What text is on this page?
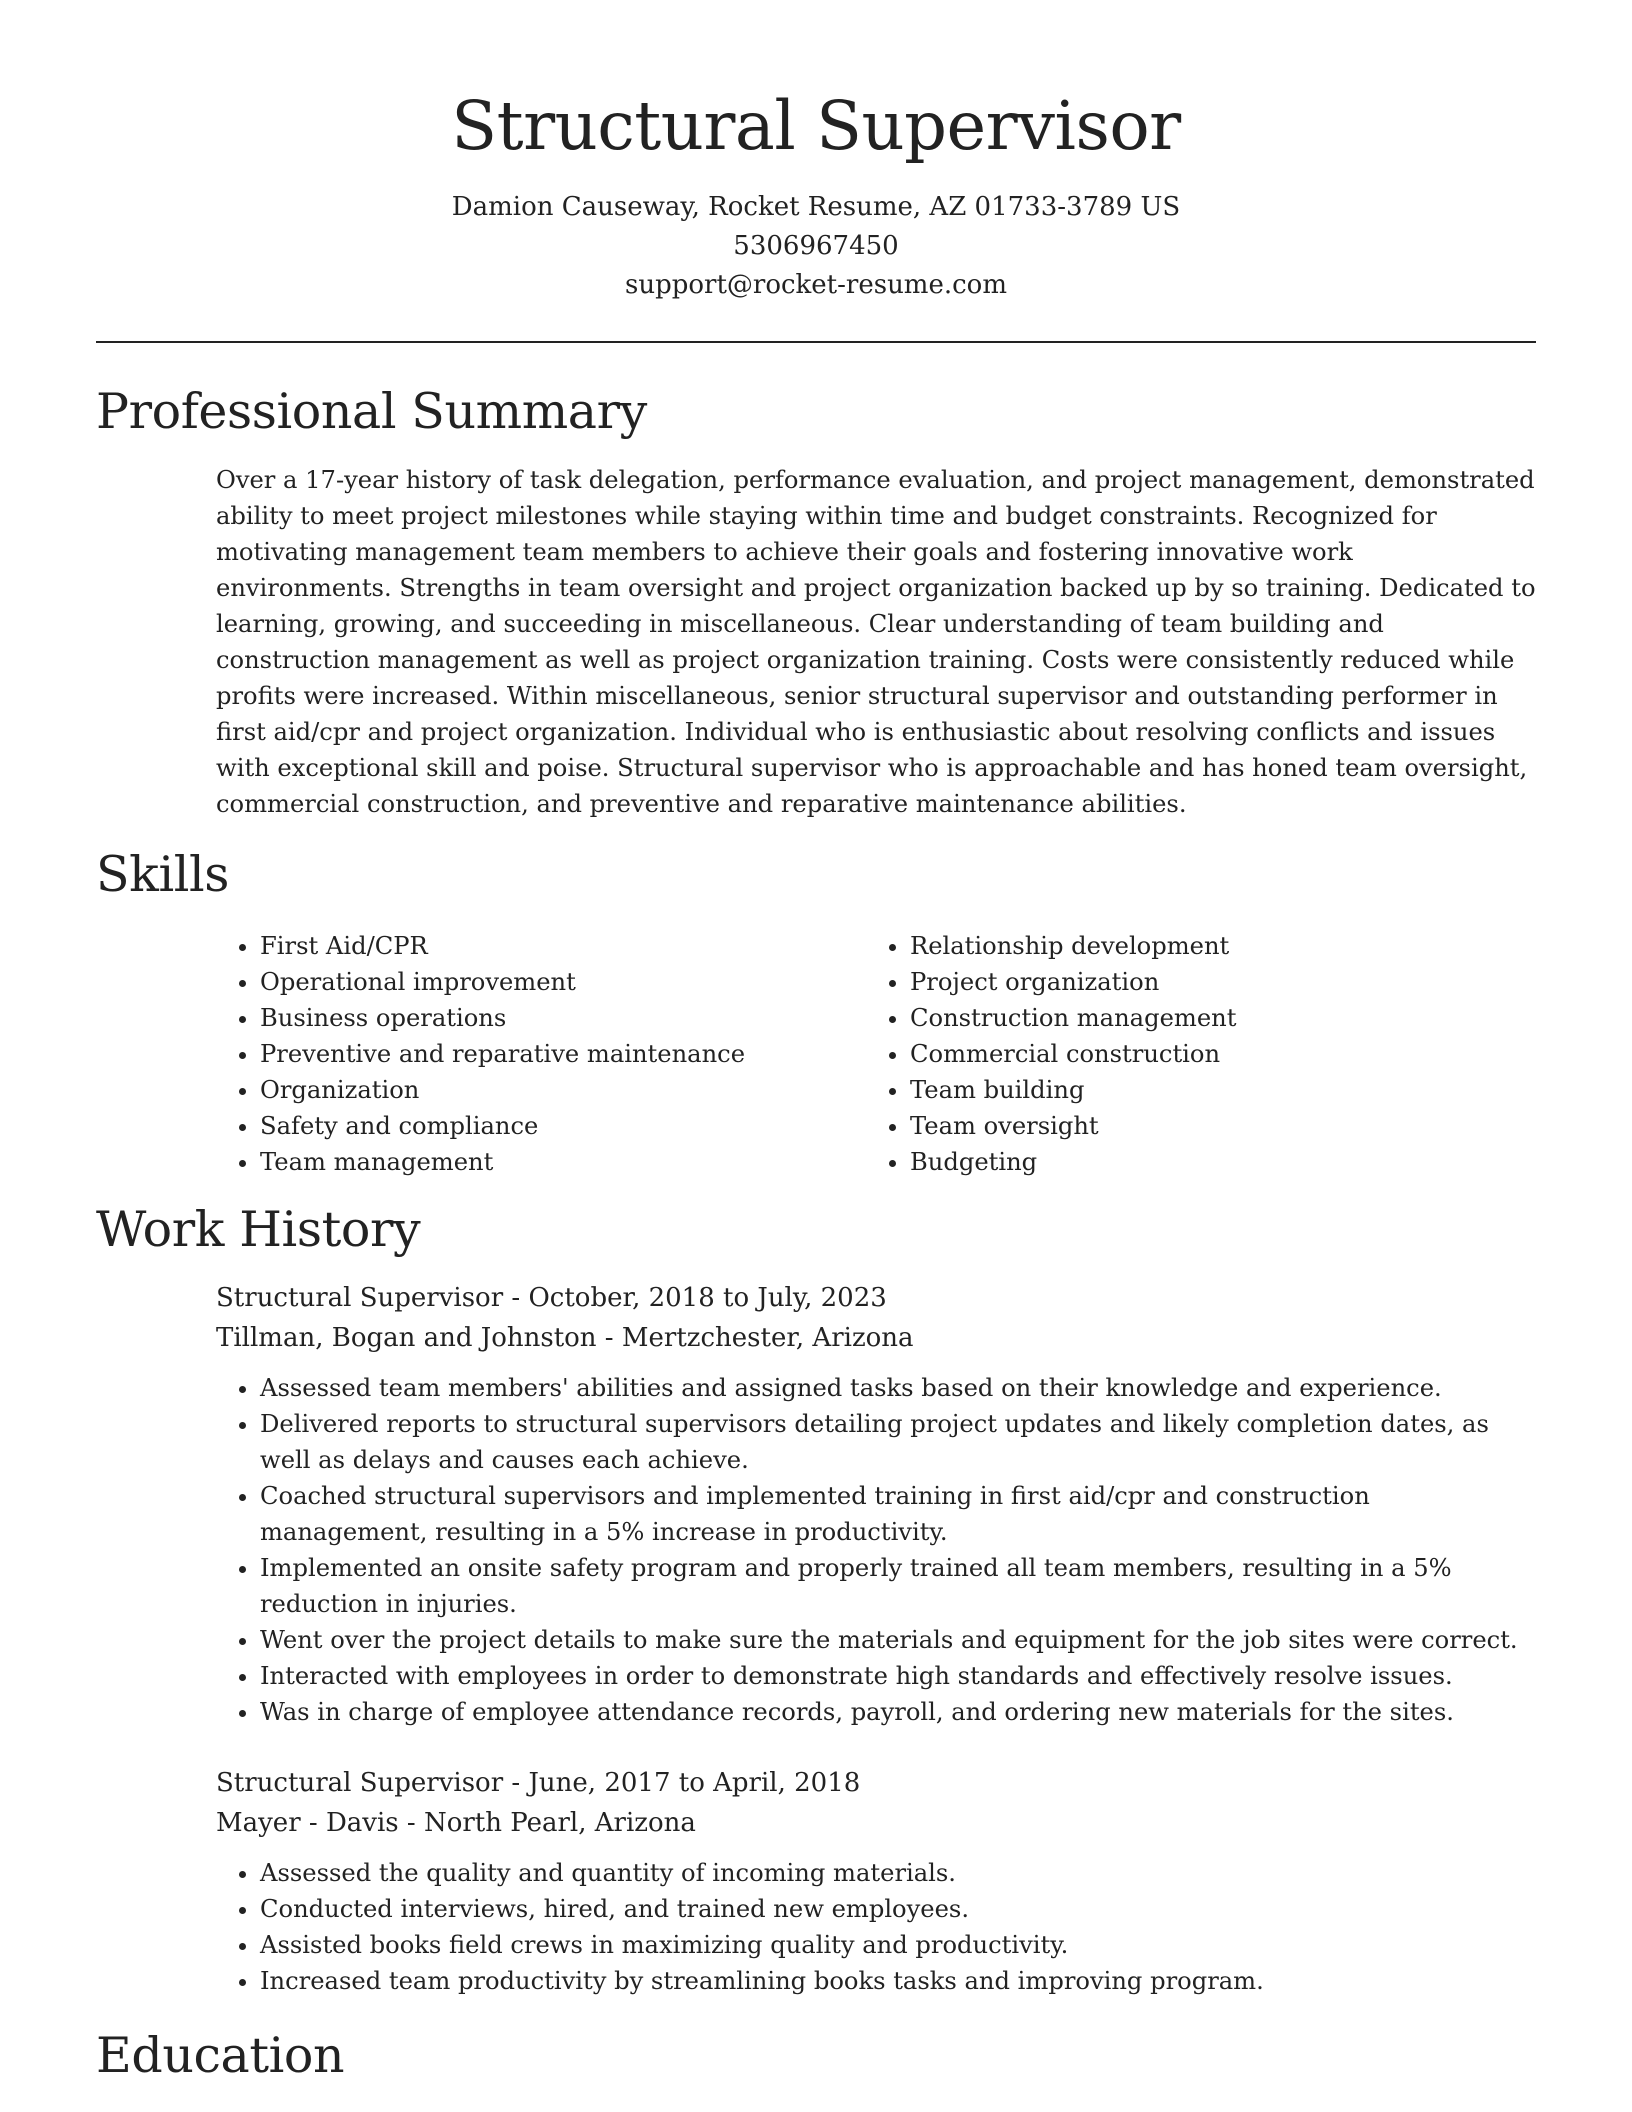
Structural Supervisor

Damion Causeway, Rocket Resume, AZ 01733-3789 US

5306967450

support@rocket-resume.com

Professional Summary

Over a 17-year history of task delegation, performance evaluation, and project management, demonstrated ability to meet project milestones while staying within time and budget constraints. Recognized for motivating management team members to achieve their goals and fostering innovative work environments. Strengths in team oversight and project organization backed up by so training. Dedicated to learning, growing, and succeeding in miscellaneous. Clear understanding of team building and construction management as well as project organization training. Costs were consistently reduced while profits were increased. Within miscellaneous, senior structural supervisor and outstanding performer in first aid/cpr and project organization. Individual who is enthusiastic about resolving conflicts and issues with exceptional skill and poise. Structural supervisor who is approachable and has honed team oversight, commercial construction, and preventive and reparative maintenance abilities.

Skills
• First Aid/CPR
• Operational improvement
• Business operations
• Preventive and reparative maintenance
• Organization
• Safety and compliance
• Team management
• Relationship development
• Project organization
• Construction management
• Commercial construction
• Team building
• Team oversight
• Budgeting
Work History

Structural Supervisor - October, 2018 to July, 2023

Tillman, Bogan and Johnston - Mertzchester, Arizona

• Assessed team members' abilities and assigned tasks based on their knowledge and experience.
• Delivered reports to structural supervisors detailing project updates and likely completion dates, as well as delays and causes each achieve.
• Coached structural supervisors and implemented training in first aid/cpr and construction management, resulting in a 5% increase in productivity.
• Implemented an onsite safety program and properly trained all team members, resulting in a 5% reduction in injuries.
• Went over the project details to make sure the materials and equipment for the job sites were correct.
• Interacted with employees in order to demonstrate high standards and effectively resolve issues.
• Was in charge of employee attendance records, payroll, and ordering new materials for the sites.

Structural Supervisor - June, 2017 to April, 2018

Mayer - Davis - North Pearl, Arizona

• Assessed the quality and quantity of incoming materials.
• Conducted interviews, hired, and trained new employees.
• Assisted books field crews in maximizing quality and productivity.
• Increased team productivity by streamlining books tasks and improving program.
Education
